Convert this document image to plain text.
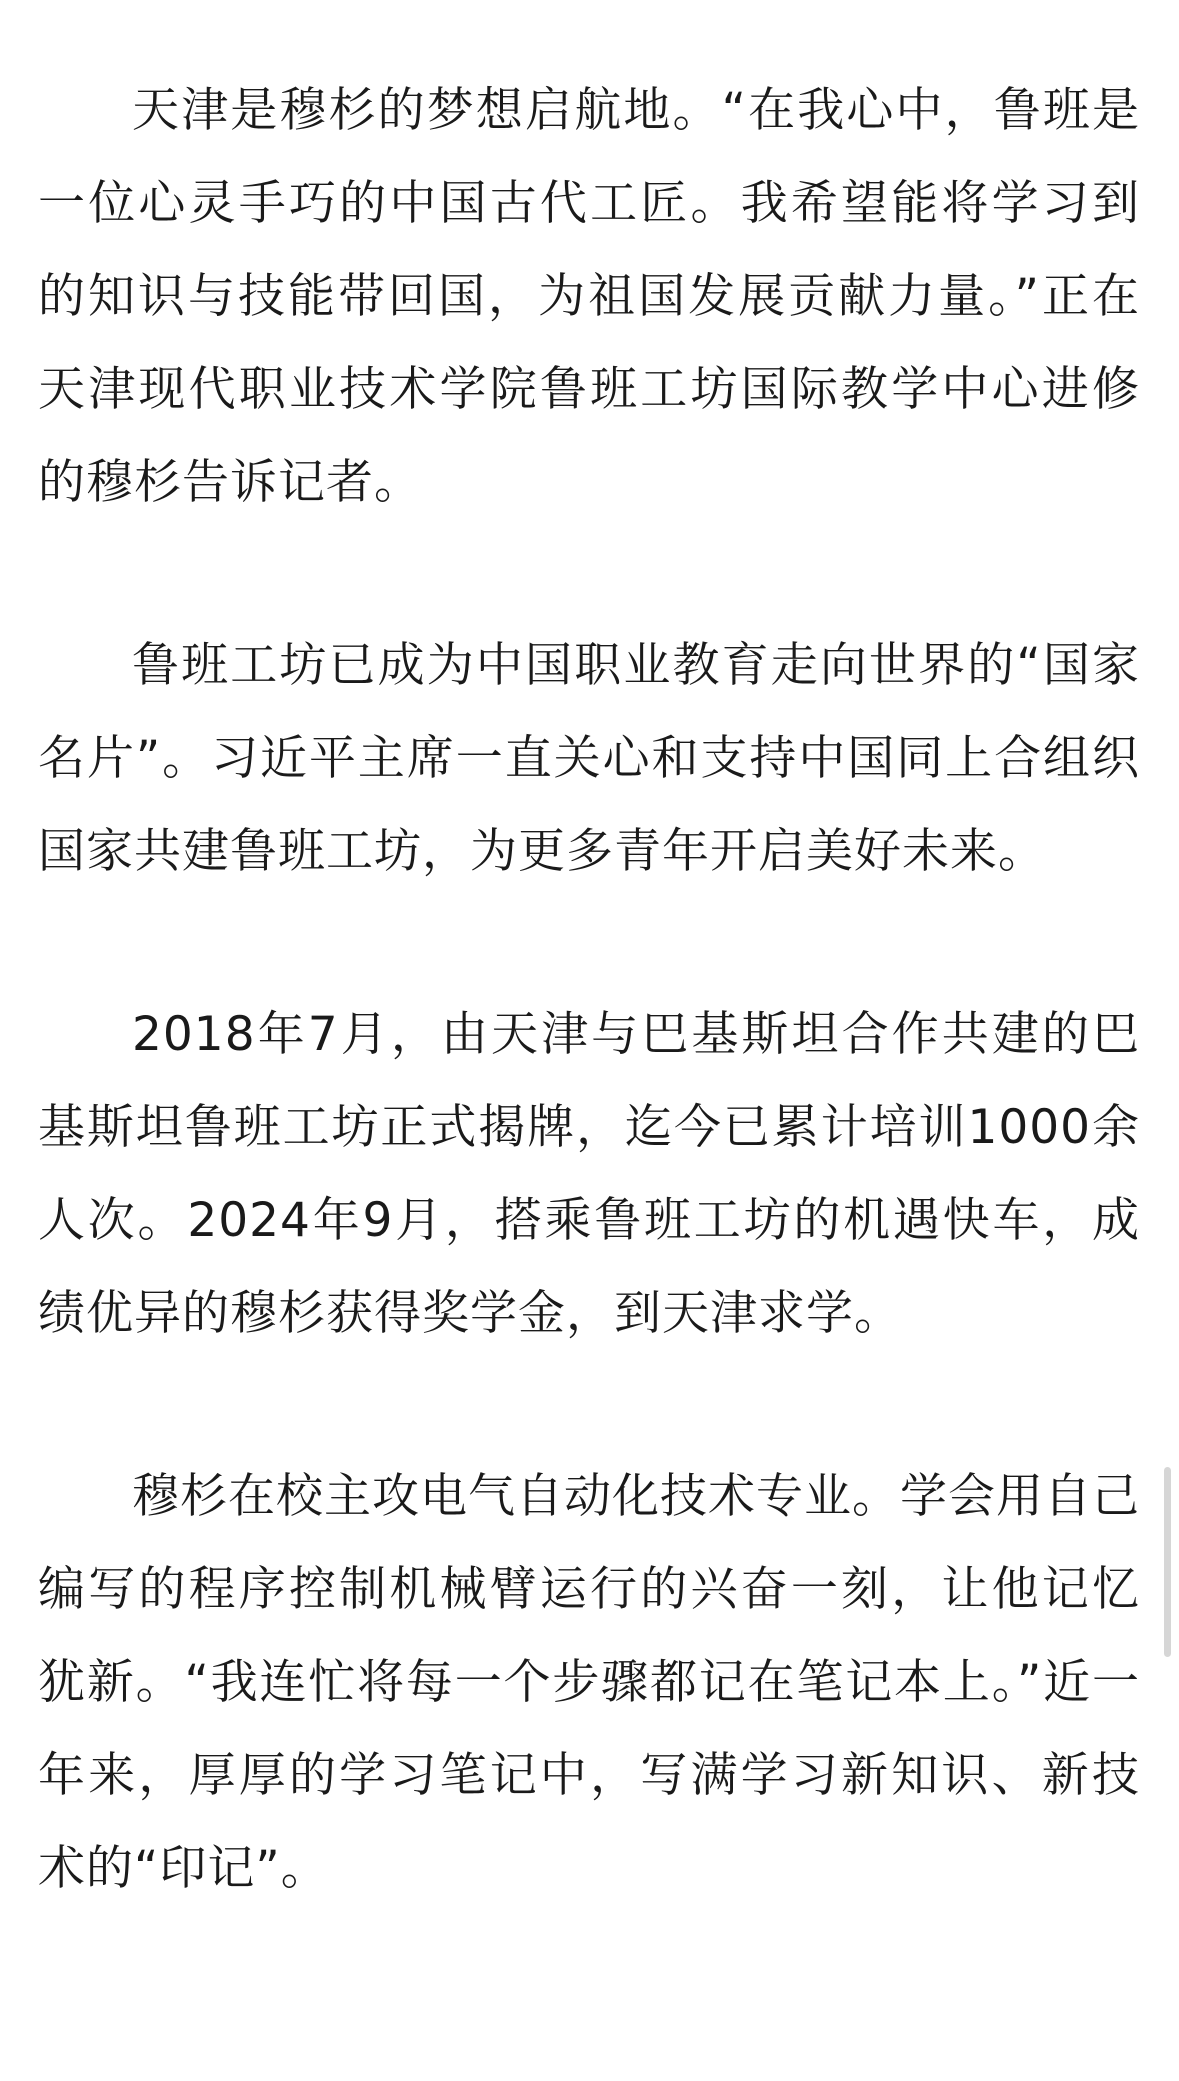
天津是穆杉的梦想启航地。“在我心中，鲁班是一位心灵手巧的中国古代工匠。我希望能将学习到的知识与技能带回国，为祖国发展贡献力量。”正在天津现代职业技术学院鲁班工坊国际教学中心进修的穆杉告诉记者。

鲁班工坊已成为中国职业教育走向世界的“国家名片”。习近平主席一直关心和支持中国同上合组织国家共建鲁班工坊，为更多青年开启美好未来。

2018年7月，由天津与巴基斯坦合作共建的巴基斯坦鲁班工坊正式揭牌，迄今已累计培训1000余人次。2024年9月，搭乘鲁班工坊的机遇快车，成绩优异的穆杉获得奖学金，到天津求学。

穆杉在校主攻电气自动化技术专业。学会用自己编写的程序控制机械臂运行的兴奋一刻，让他记忆犹新。“我连忙将每一个步骤都记在笔记本上。”近一年来，厚厚的学习笔记中，写满学习新知识、新技术的“印记”。
